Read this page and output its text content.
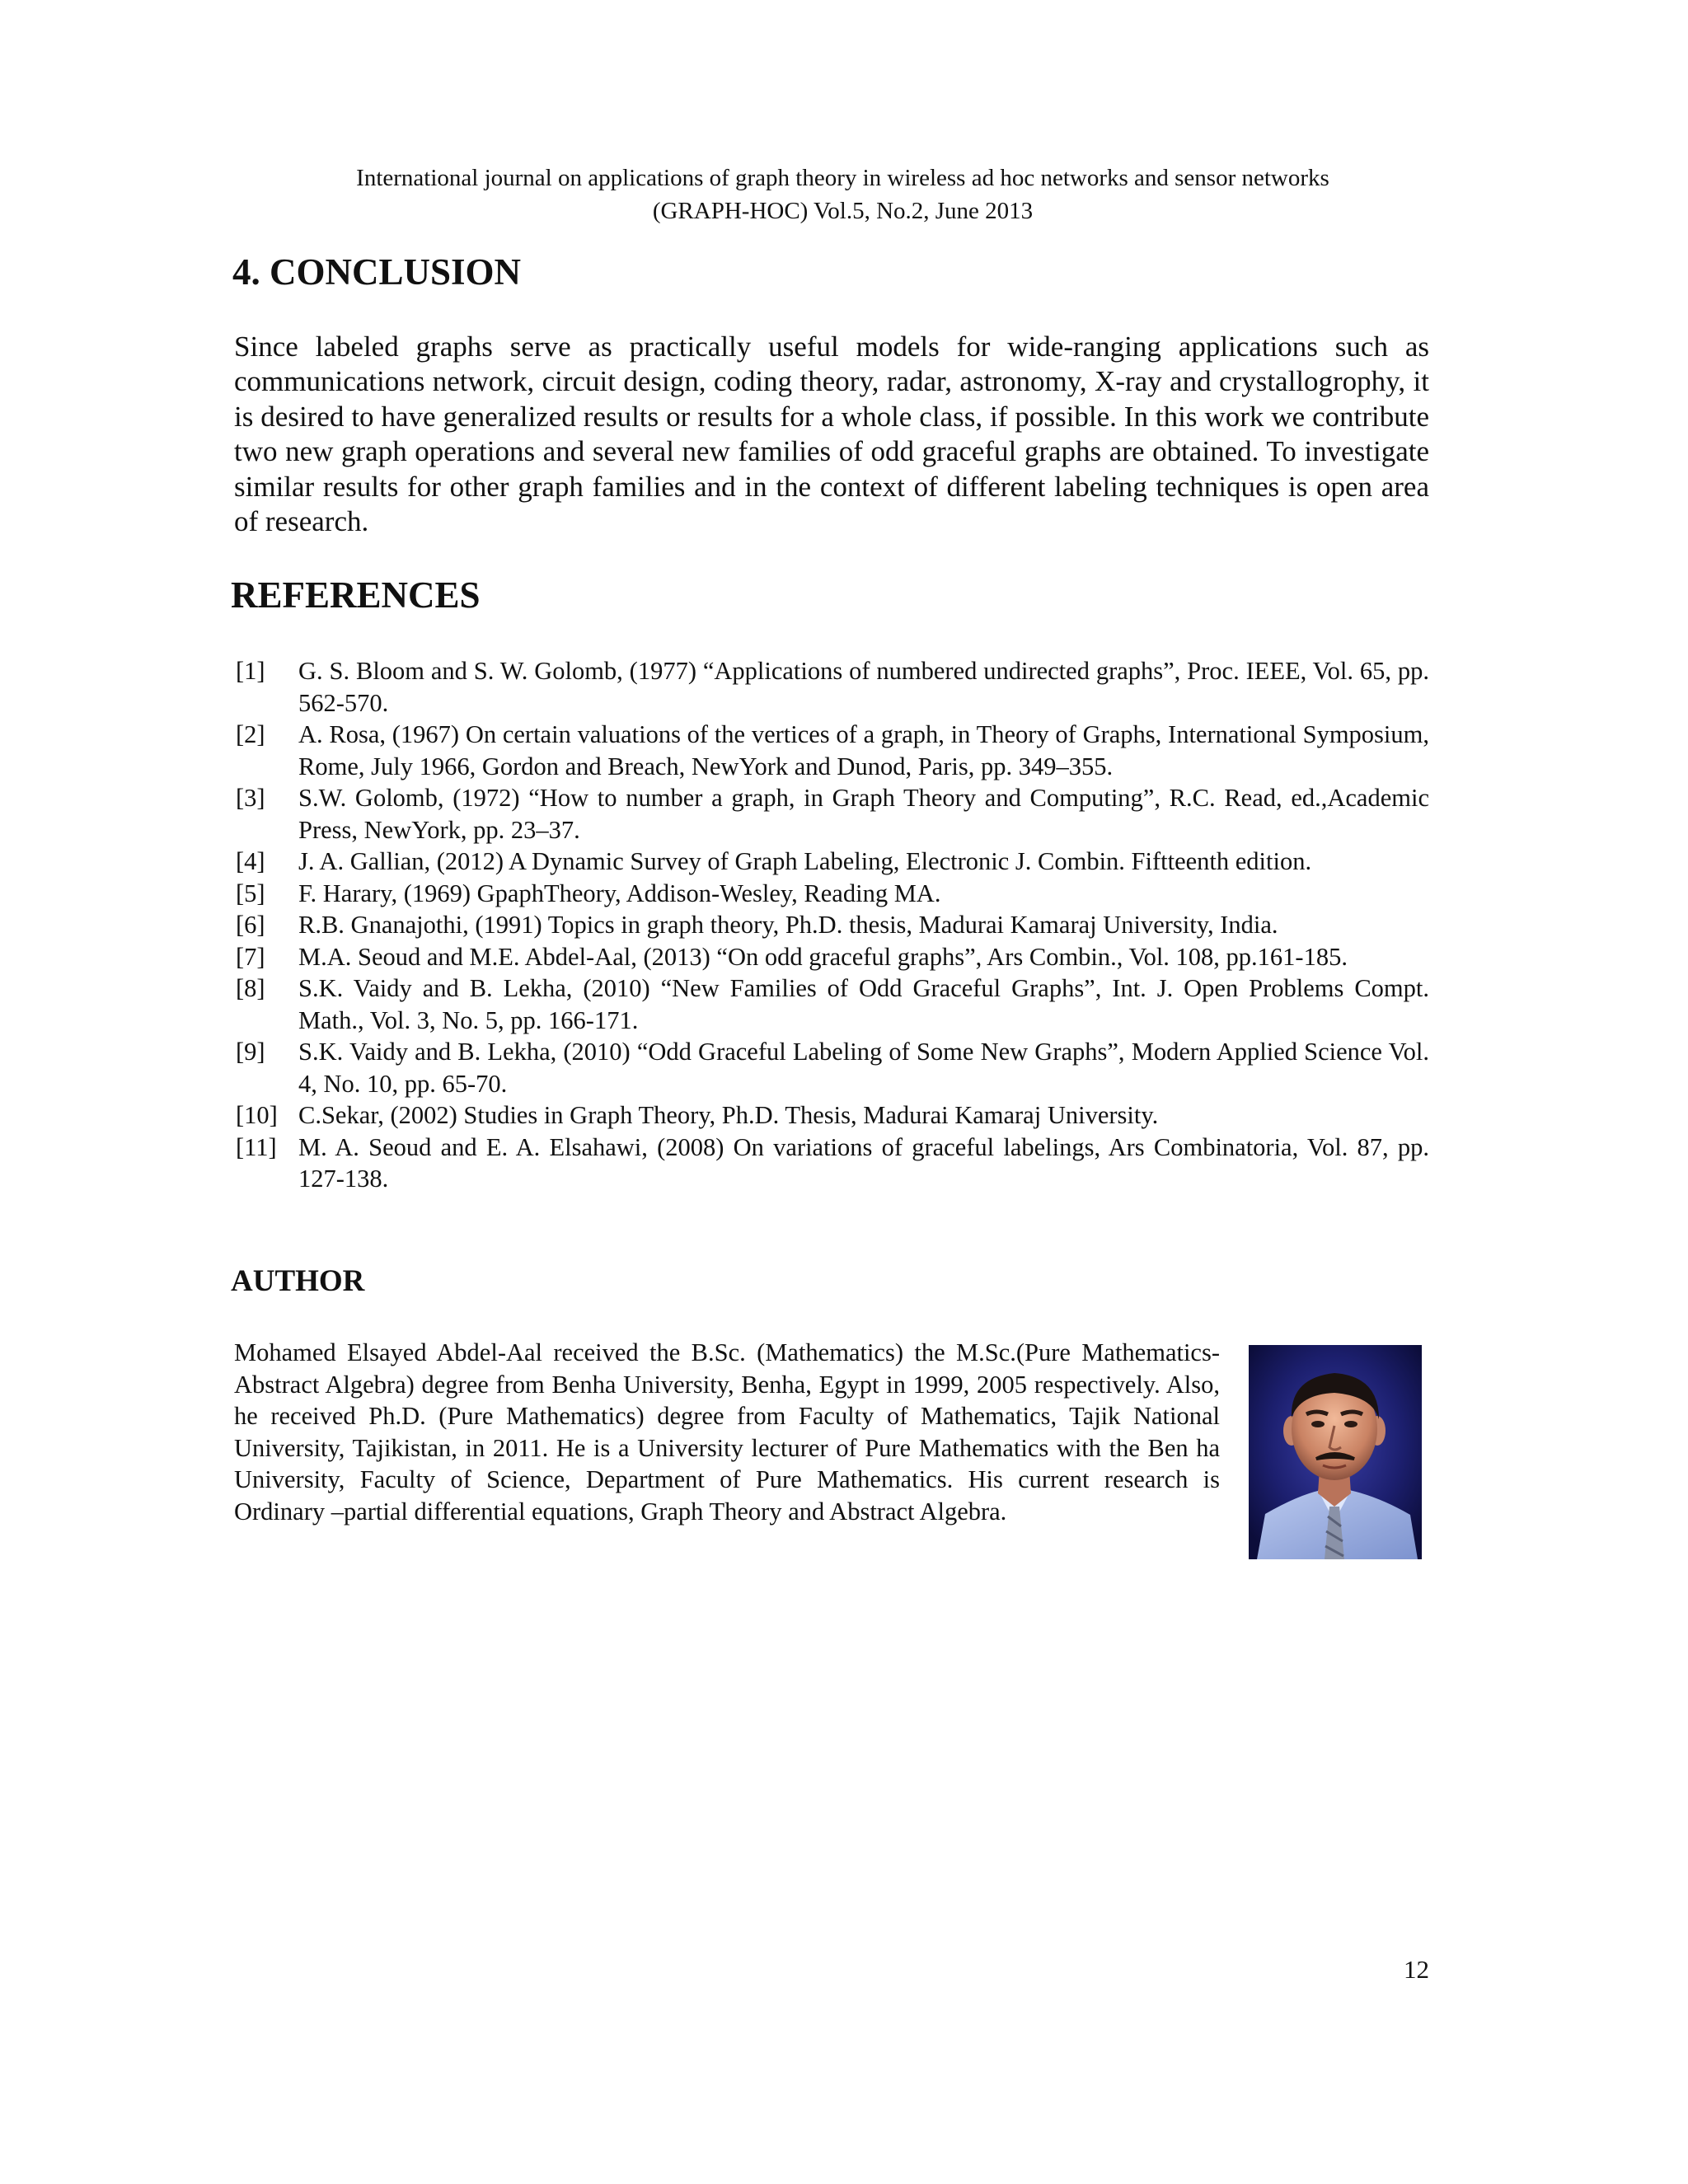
International journal on applications of graph theory in wireless ad hoc networks and sensor networks
(GRAPH-HOC) Vol.5, No.2, June 2013
4. CONCLUSION

Since labeled graphs serve as practically useful models for wide-ranging applications such as communications network, circuit design, coding theory, radar, astronomy, X-ray and crystallogrophy, it is desired to have generalized results or results for a whole class, if possible. In this work we contribute two new graph operations and several new families of odd graceful graphs are obtained. To investigate similar results for other graph families and in the context of different labeling techniques is open area of research.

REFERENCES
[1] G. S. Bloom and S. W. Golomb, (1977) “Applications of numbered undirected graphs”, Proc. IEEE, Vol. 65, pp. 562-570.
[2] A. Rosa, (1967) On certain valuations of the vertices of a graph, in Theory of Graphs, International Symposium, Rome, July 1966, Gordon and Breach, NewYork and Dunod, Paris, pp. 349–355.
[3] S.W. Golomb, (1972) “How to number a graph, in Graph Theory and Computing”, R.C. Read, ed.,Academic Press, NewYork, pp. 23–37.
[4] J. A. Gallian, (2012) A Dynamic Survey of Graph Labeling, Electronic J. Combin. Fiftteenth edition.
[5] F. Harary, (1969) GpaphTheory, Addison-Wesley, Reading MA.
[6] R.B. Gnanajothi, (1991) Topics in graph theory, Ph.D. thesis, Madurai Kamaraj University, India.
[7] M.A. Seoud and M.E. Abdel-Aal, (2013) “On odd graceful graphs”, Ars Combin., Vol. 108, pp.161-185.
[8] S.K. Vaidy and B. Lekha, (2010) “New Families of Odd Graceful Graphs”, Int. J. Open Problems Compt. Math., Vol. 3, No. 5, pp. 166-171.
[9] S.K. Vaidy and B. Lekha, (2010) “Odd Graceful Labeling of Some New Graphs”, Modern Applied Science Vol. 4, No. 10, pp. 65-70.
[10] C.Sekar, (2002) Studies in Graph Theory, Ph.D. Thesis, Madurai Kamaraj University.
[11] M. A. Seoud and E. A. Elsahawi, (2008) On variations of graceful labelings, Ars Combinatoria, Vol. 87, pp. 127-138.
AUTHOR

Mohamed Elsayed Abdel-Aal received the B.Sc. (Mathematics) the M.Sc.(Pure Mathematics-Abstract Algebra) degree from Benha University, Benha, Egypt in 1999, 2005 respectively. Also, he received Ph.D. (Pure Mathematics) degree from Faculty of Mathematics, Tajik National University, Tajikistan, in 2011. He is a University lecturer of Pure Mathematics with the Ben ha University, Faculty of Science, Department of Pure Mathematics. His current research is Ordinary –partial differential equations, Graph Theory and Abstract Algebra.

12
